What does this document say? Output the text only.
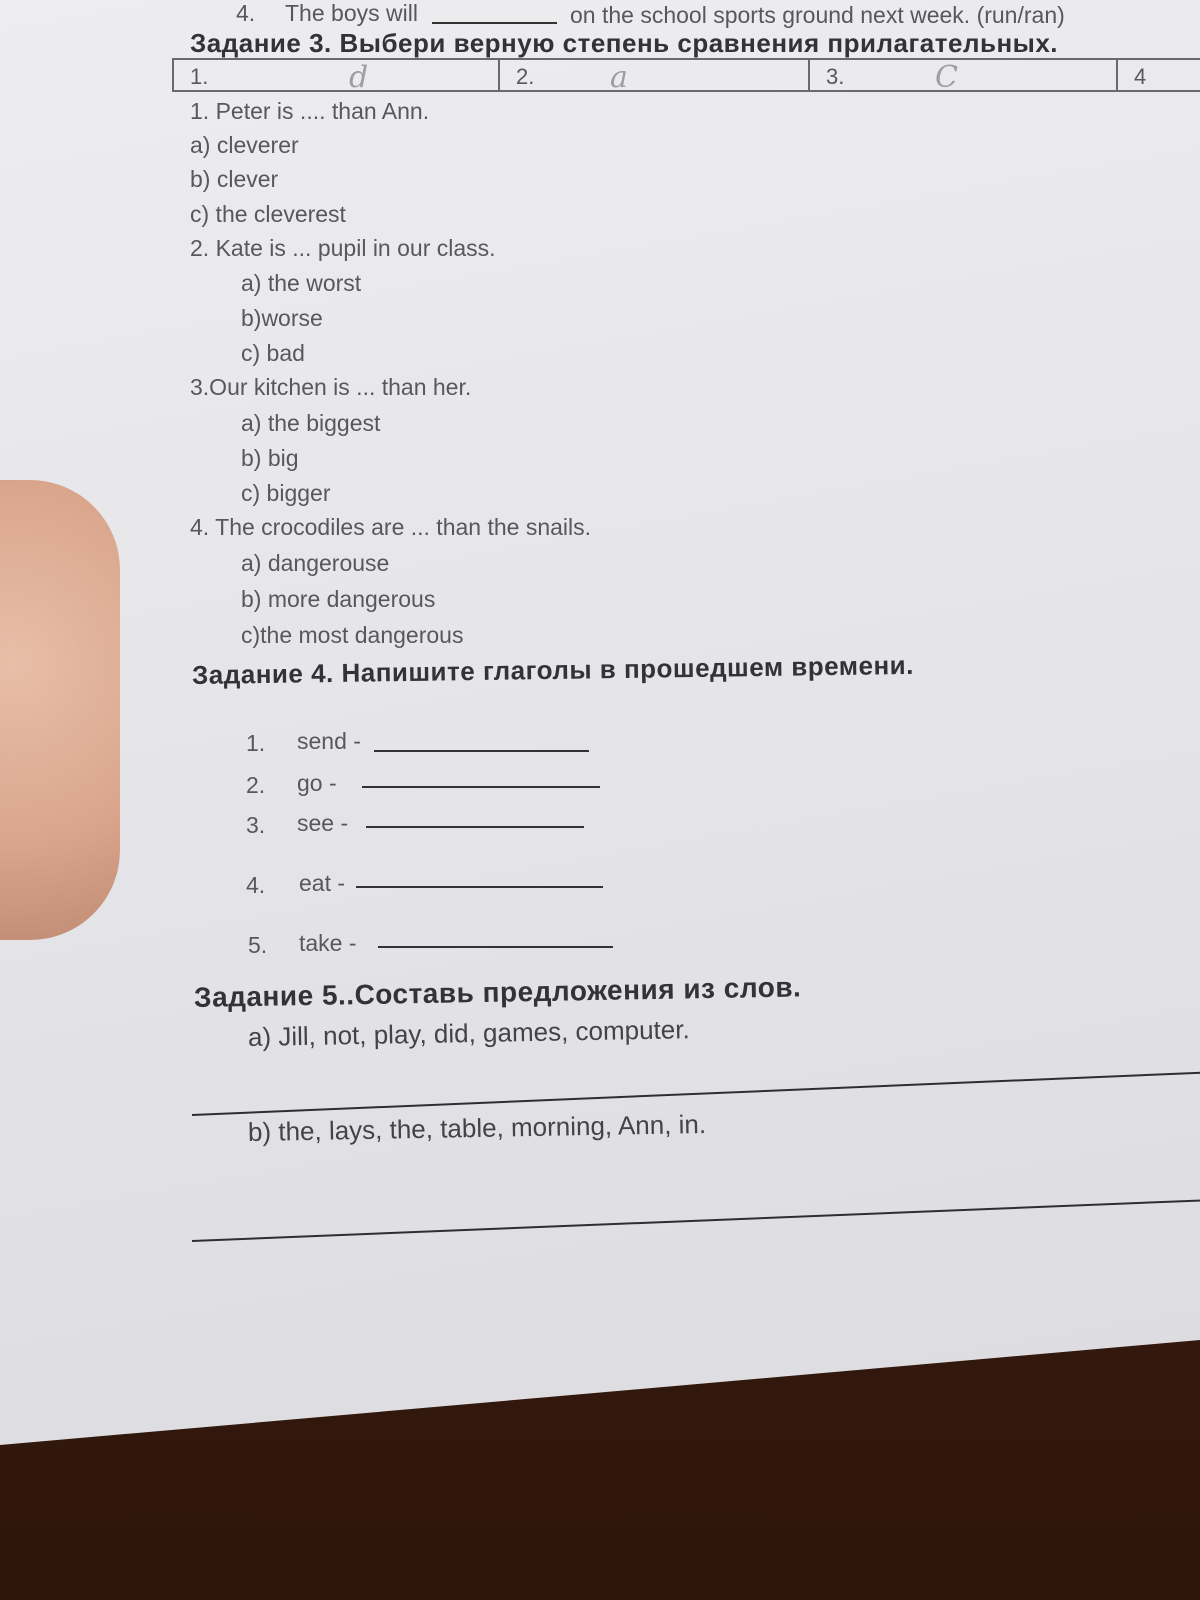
4. The boys will	on the school sports ground next week. (run/ran)
Задание 3. Выбери верную степень сравнения прилагательных.
1.	d	2.	a	3.	C	4
1. Peter is .... than Ann.
a) cleverer
b) clever
c) the cleverest
2. Kate is ... pupil in our class.
a) the worst
b)worse
c) bad
3.Our kitchen is ... than her.
a) the biggest
b) big
c) bigger
4. The crocodiles are ... than the snails.
a) dangerouse
b) more dangerous
c)the most dangerous
Задание 4. Напишите глаголы в прошедшем времени.
1. send -
2. go -
3. see -
4. eat -
5. take -
Задание 5..Составь предложения из слов.
a) Jill, not, play, did, games, computer.
b) the, lays, the, table, morning, Ann, in.
